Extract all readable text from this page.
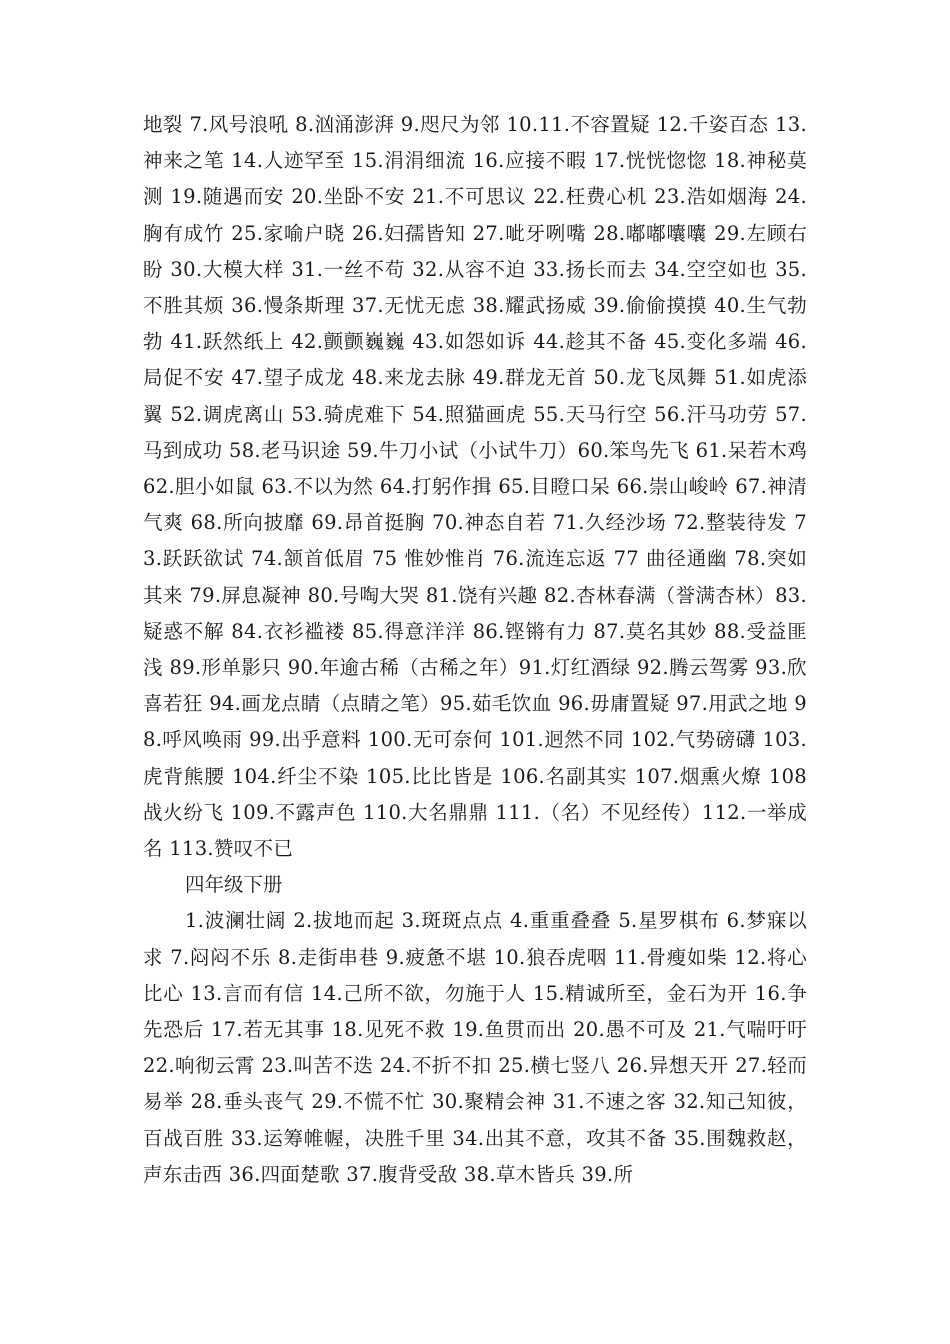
地裂 7.风号浪吼 8.汹涌澎湃 9.咫尺为邻 10.11.不容置疑 12.千姿百态 13.神来之笔 14.人迹罕至 15.涓涓细流 16.应接不暇 17.恍恍惚惚 18.神秘莫测 19.随遇而安 20.坐卧不安 21.不可思议 22.枉费心机 23.浩如烟海 24.胸有成竹 25.家喻户晓 26.妇孺皆知 27.呲牙咧嘴 28.嘟嘟囔囔 29.左顾右盼 30.大模大样 31.一丝不苟 32.从容不迫 33.扬长而去 34.空空如也 35.不胜其烦 36.慢条斯理 37.无忧无虑 38.耀武扬威 39.偷偷摸摸 40.生气勃勃 41.跃然纸上 42.颤颤巍巍 43.如怨如诉 44.趁其不备 45.变化多端 46.局促不安 47.望子成龙 48.来龙去脉 49.群龙无首 50.龙飞凤舞 51.如虎添翼 52.调虎离山 53.骑虎难下 54.照猫画虎 55.天马行空 56.汗马功劳 57.马到成功 58.老马识途 59.牛刀小试（小试牛刀）60.笨鸟先飞 61.呆若木鸡 62.胆小如鼠 63.不以为然 64.打躬作揖 65.目瞪口呆 66.崇山峻岭 67.神清气爽 68.所向披靡 69.昂首挺胸 70.神态自若 71.久经沙场 72.整装待发 73.跃跃欲试 74.颔首低眉 75 惟妙惟肖 76.流连忘返 77 曲径通幽 78.突如其来 79.屏息凝神 80.号啕大哭 81.饶有兴趣 82.杏林春满（誉满杏林）83.疑惑不解 84.衣衫褴褛 85.得意洋洋 86.铿锵有力 87.莫名其妙 88.受益匪浅 89.形单影只 90.年逾古稀（古稀之年）91.灯红酒绿 92.腾云驾雾 93.欣喜若狂 94.画龙点睛（点睛之笔）95.茹毛饮血 96.毋庸置疑 97.用武之地 98.呼风唤雨 99.出乎意料 100.无可奈何 101.迥然不同 102.气势磅礴 103.虎背熊腰 104.纤尘不染 105.比比皆是 106.名副其实 107.烟熏火燎 108 战火纷飞 109.不露声色 110.大名鼎鼎 111.（名）不见经传）112.一举成名 113.赞叹不已

四年级下册

1.波澜壮阔 2.拔地而起 3.斑斑点点 4.重重叠叠 5.星罗棋布 6.梦寐以求 7.闷闷不乐 8.走街串巷 9.疲惫不堪 10.狼吞虎咽 11.骨瘦如柴 12.将心比心 13.言而有信 14.己所不欲，勿施于人 15.精诚所至，金石为开 16.争先恐后 17.若无其事 18.见死不救 19.鱼贯而出 20.愚不可及 21.气喘吁吁 22.响彻云霄 23.叫苦不迭 24.不折不扣 25.横七竖八 26.异想天开 27.轻而易举 28.垂头丧气 29.不慌不忙 30.聚精会神 31.不速之客 32.知己知彼，百战百胜 33.运筹帷幄，决胜千里 34.出其不意，攻其不备 35.围魏救赵，声东击西 36.四面楚歌 37.腹背受敌 38.草木皆兵 39.所
